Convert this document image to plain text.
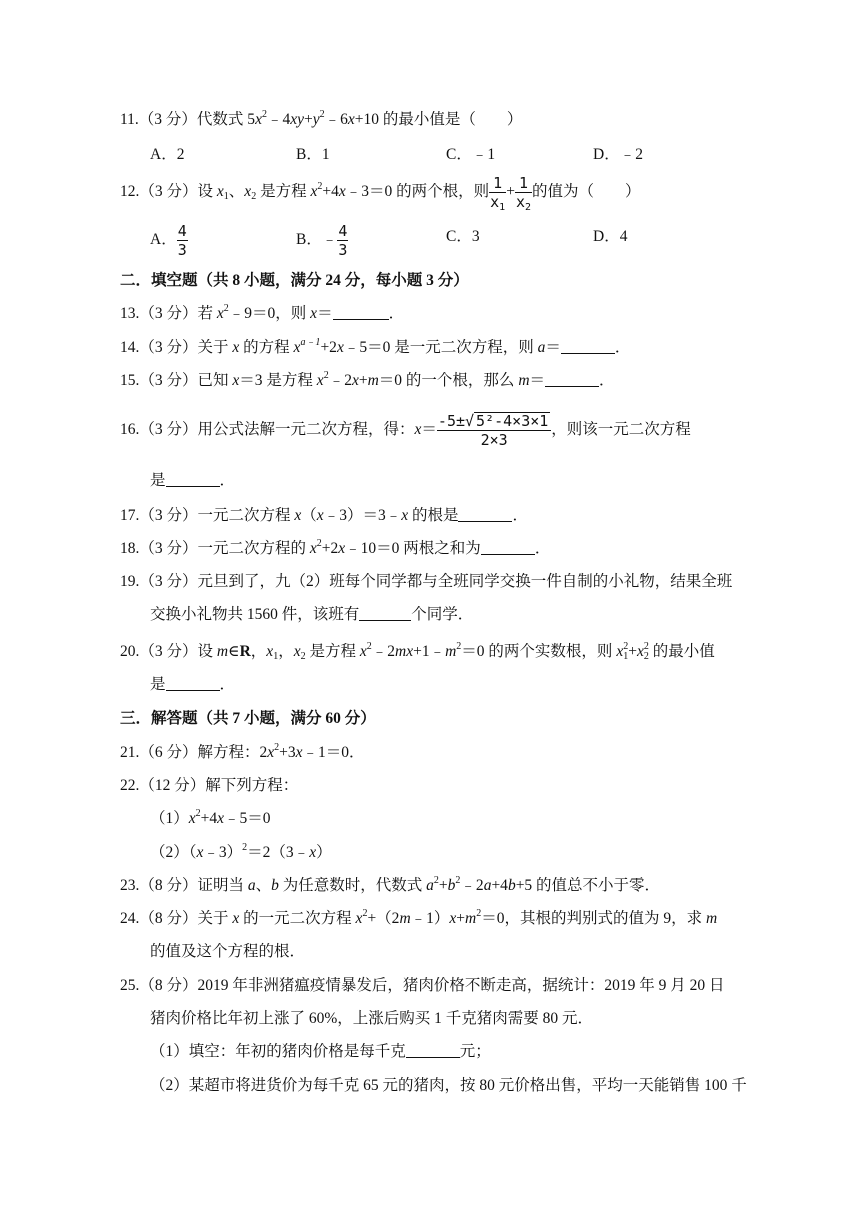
11.（3 分）代数式 $5x^2﹣4xy+y^2﹣6x+10$ 的最小值是（　　）
A．2	B．1	C．﹣1	D．﹣2
12.（3 分）设 $x_1$、$x_2$ 是方程 $x^2+4x﹣3=0$ 的两个根，则 $\frac{1}{x_1} + \frac{1}{x_2}$ 的值为（　　）
A． $\frac{4}{3}$	B．﹣ $\frac{4}{3}$	C．3	D．4
二．填空题（共 8 小题，满分 24 分，每小题 3 分）
13.（3 分）若 $x^2﹣9=0$，则 x＝	．
14.（3 分）关于 x 的方程 $x^{a﹣1}+2x﹣5=0$ 是一元二次方程，则 a＝	．
15.（3 分）已知 x＝3 是方程 $x^2﹣2x+m=0$ 的一个根，那么 m＝	．
16.（3 分）用公式法解一元二次方程，得：$x= \frac{\text{-5±√ 5²-4×3×1}}{2\times 3}$ ，则该一元二次方程
是	．
17.（3 分）一元二次方程 x（x﹣3）＝3﹣x 的根是	．
18.（3 分）一元二次方程的 $x^2+2x﹣10=0$ 两根之和为	．
19.（3 分）元旦到了，九（2）班每个同学都与全班同学交换一件自制的小礼物，结果全班
交换小礼物共 1560 件，该班有	个同学．
20.（3 分）设 m∈R，$x_1$，$x_2$ 是方程 $x^2﹣2mx+1﹣m^2=0$ 的两个实数根，则 $x_1^2+x_2^2$ 的最小值
是	．
三．解答题（共 7 小题，满分 60 分）
21.（6 分）解方程：$2x^2+3x﹣1=0$．
22.（12 分）解下列方程：
$(1)x^2+4x﹣5=0$
（2）（x﹣3）$^2$＝2（3﹣x）
23.（8 分）证明当 a、b 为任意数时，代数式 $a^2+b^2﹣2a+4b+5$ 的值总不小于零．
24.（8 分）关于 x 的一元二次方程 $x^2+(2m﹣1)x+m^2=0$，其根的判别式的值为 9，求 m
的值及这个方程的根．
25.（8 分）2019 年非洲猪瘟疫情暴发后，猪肉价格不断走高，据统计：2019 年 9 月 20 日
猪肉价格比年初上涨了 60%，上涨后购买 1 千克猪肉需要 80 元．
（1）填空：年初的猪肉价格是每千克	元；
（2）某超市将进货价为每千克 65 元的猪肉，按 80 元价格出售，平均一天能销售 100 千
